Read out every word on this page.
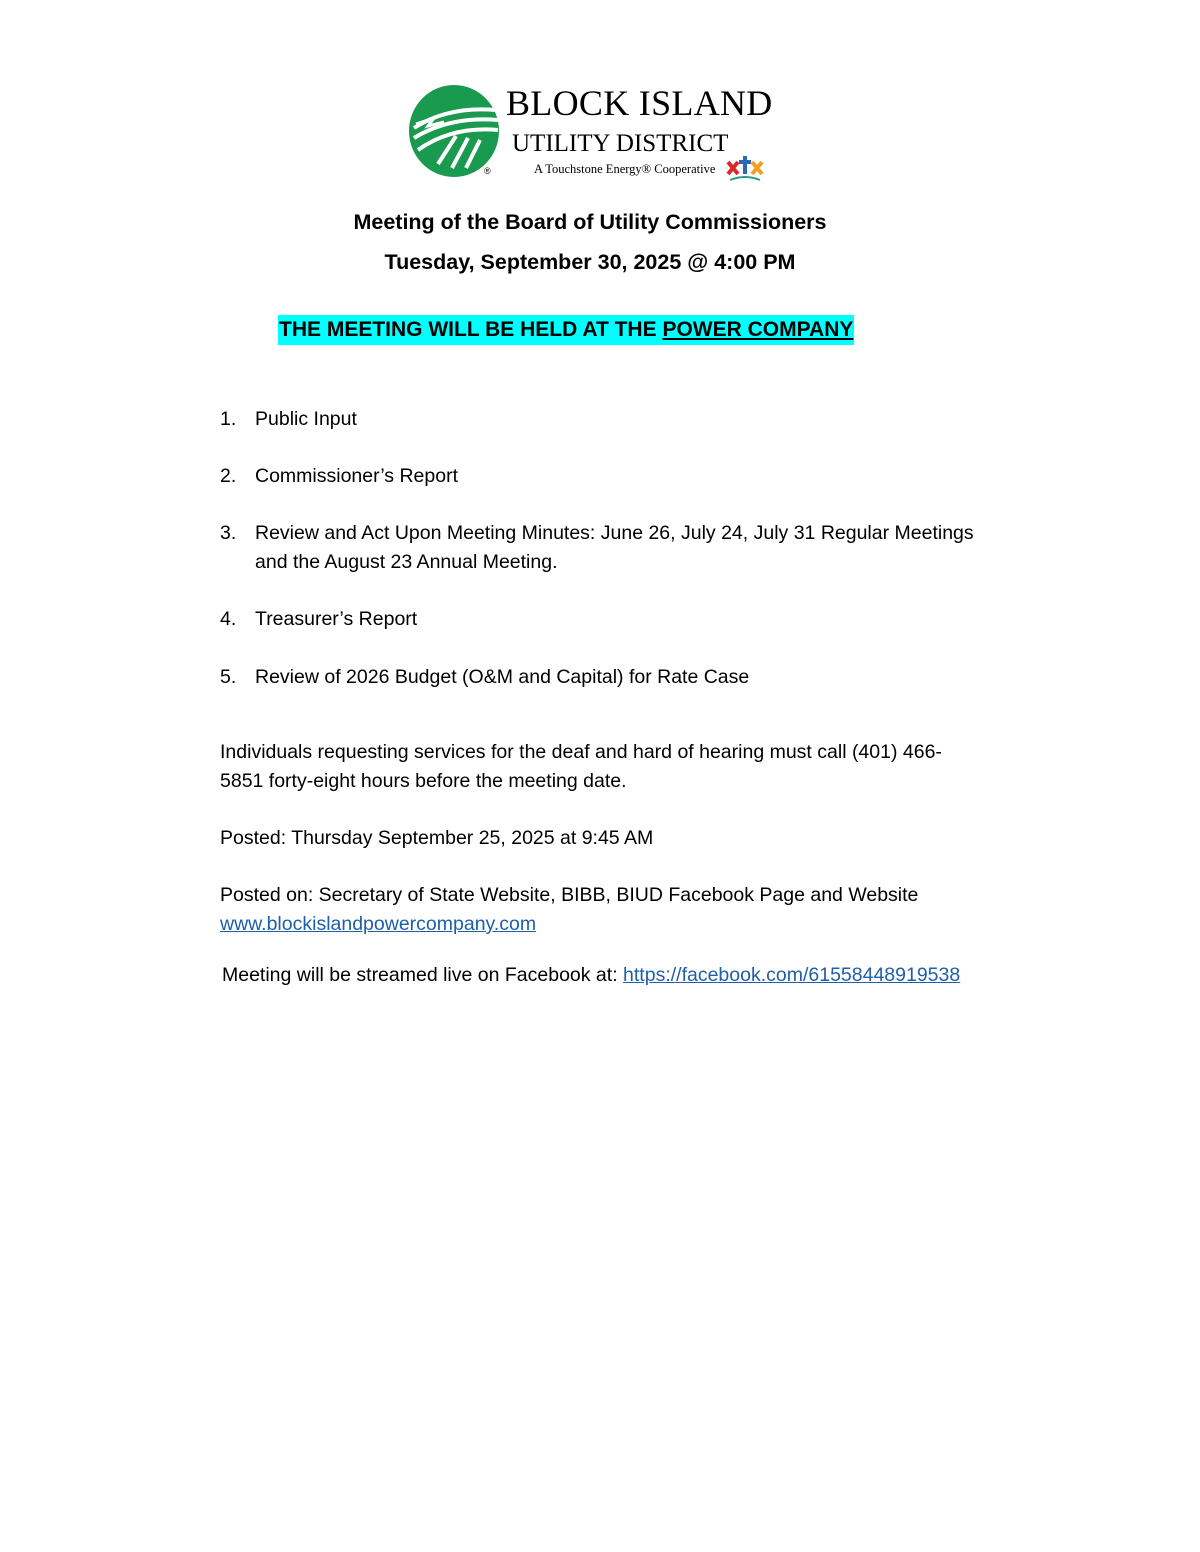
®
BLOCK ISLAND
UTILITY DISTRICT
A Touchstone Energy® Cooperative
Meeting of the Board of Utility Commissioners
Tuesday, September 30, 2025 @ 4:00 PM
THE MEETING WILL BE HELD AT THE POWER COMPANY
1. Public Input
2. Commissioner’s Report
3. Review and Act Upon Meeting Minutes: June 26, July 24, July 31 Regular Meetings
and the August 23 Annual Meeting.
4. Treasurer’s Report
5. Review of 2026 Budget (O&M and Capital) for Rate Case
Individuals requesting services for the deaf and hard of hearing must call (401) 466-
5851 forty-eight hours before the meeting date.
Posted: Thursday September 25, 2025 at 9:45 AM
Posted on: Secretary of State Website, BIBB, BIUD Facebook Page and Website
www.blockislandpowercompany.com
Meeting will be streamed live on Facebook at: https://facebook.com/61558448919538
